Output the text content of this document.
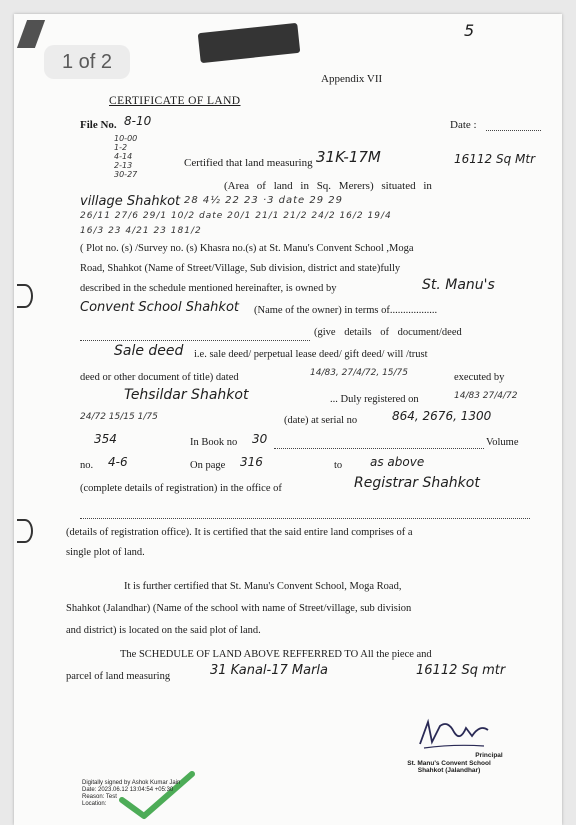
5
Appendix VII
CERTIFICATE OF LAND
File No. 8-10	Date :
10-00
1-2
4-14
2-13
30-27
Certified that land measuring 31K-17M	16112 Sq Mtr
(Area of land in Sq. Merers) situated in
village Shahkot 28 4½ 22 23 ·3 date 29 29
26/11 27/6 29/1 10/2 date 20/1 21/1 21/2 24/2 16/2 19/4
16/3 23 4/21 23 181/2
( Plot no. (s) /Survey no. (s) Khasra no.(s) at St. Manu's Convent School ,Moga
Road, Shahkot (Name of Street/Village, Sub division, district and state)fully
described in the schedule mentioned hereinafter, is owned by	St. Manu's
Convent School Shahkot (Name of the owner) in terms of..................
(give details of document/deed
Sale deed i.e. sale deed/ perpetual lease deed/ gift deed/ will /trust
deed or other document of title) dated	14/83, 27/4/72, 15/75	executed by
Tehsildar Shahkot	... Duly registered on	14/83 27/4/72
24/72 15/15 1/75	(date) at serial no	864, 2676, 1300
354	In Book no 30	Volume
no. 4-6	On page 316	to as above
(complete details of registration) in the office of	Registrar Shahkot
(details of registration office). It is certified that the said entire land comprises of a
single plot of land.
It is further certified that St. Manu's Convent School, Moga Road,
Shahkot (Jalandhar) (Name of the school with name of Street/village, sub division
and district) is located on the said plot of land.
The SCHEDULE OF LAND ABOVE REFFERRED TO All the piece and
parcel of land measuring	31 Kanal-17 Marla	16112 Sq mtr
Principal
St. Manu's Convent School
Shahkot (Jalandhar)
Digitally signed by Ashok Kumar Jain
Date: 2023.06.12 13:04:54 +05:30
Reason: Test
Location:
1 of 2
